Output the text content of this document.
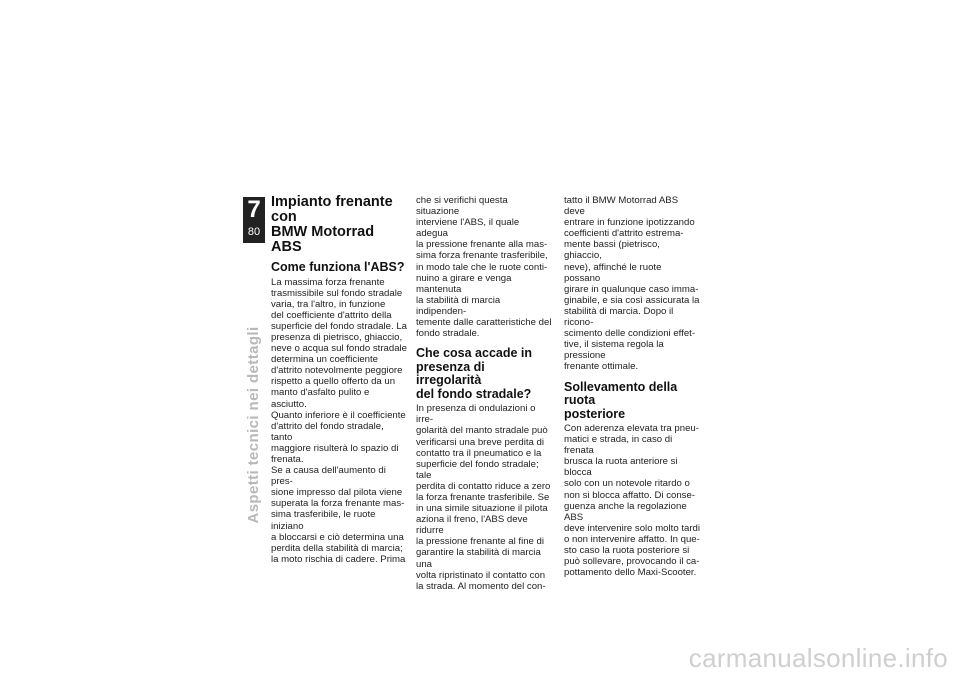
7
80
Aspetti tecnici nei dettagli
Impianto frenante con
BMW Motorrad ABS
Come funziona l'ABS?

La massima forza frenante
trasmissibile sul fondo stradale
varia, tra l'altro, in funzione
del coefficiente d'attrito della
superficie del fondo stradale. La
presenza di pietrisco, ghiaccio,
neve o acqua sul fondo stradale
determina un coefficiente
d'attrito notevolmente peggiore
rispetto a quello offerto da un
manto d'asfalto pulito e asciutto.
Quanto inferiore è il coefficiente
d'attrito del fondo stradale, tanto
maggiore risulterà lo spazio di
frenata.

Se a causa dell'aumento di pres-
sione impresso dal pilota viene
superata la forza frenante mas-
sima trasferibile, le ruote iniziano
a bloccarsi e ciò determina una
perdita della stabilità di marcia;
la moto rischia di cadere. Prima

che si verifichi questa situazione
interviene l'ABS, il quale adegua
la pressione frenante alla mas-
sima forza frenante trasferibile,
in modo tale che le ruote conti-
nuino a girare e venga mantenuta
la stabilità di marcia indipenden-
temente dalle caratteristiche del
fondo stradale.

Che cosa accade in
presenza di irregolarità
del fondo stradale?

In presenza di ondulazioni o irre-
golarità del manto stradale può
verificarsi una breve perdita di
contatto tra il pneumatico e la
superficie del fondo stradale; tale
perdita di contatto riduce a zero
la forza frenante trasferibile. Se
in una simile situazione il pilota
aziona il freno, l'ABS deve ridurre
la pressione frenante al fine di
garantire la stabilità di marcia una
volta ripristinato il contatto con
la strada. Al momento del con-

tatto il BMW Motorrad ABS deve
entrare in funzione ipotizzando
coefficienti d'attrito estrema-
mente bassi (pietrisco, ghiaccio,
neve), affinché le ruote possano
girare in qualunque caso imma-
ginabile, e sia così assicurata la
stabilità di marcia. Dopo il ricono-
scimento delle condizioni effet-
tive, il sistema regola la pressione
frenante ottimale.

Sollevamento della ruota
posteriore

Con aderenza elevata tra pneu-
matici e strada, in caso di frenata
brusca la ruota anteriore si blocca
solo con un notevole ritardo o
non si blocca affatto. Di conse-
guenza anche la regolazione ABS
deve intervenire solo molto tardi
o non intervenire affatto. In que-
sto caso la ruota posteriore si
può sollevare, provocando il ca-
pottamento dello Maxi-Scooter.

carmanualsonline.info
